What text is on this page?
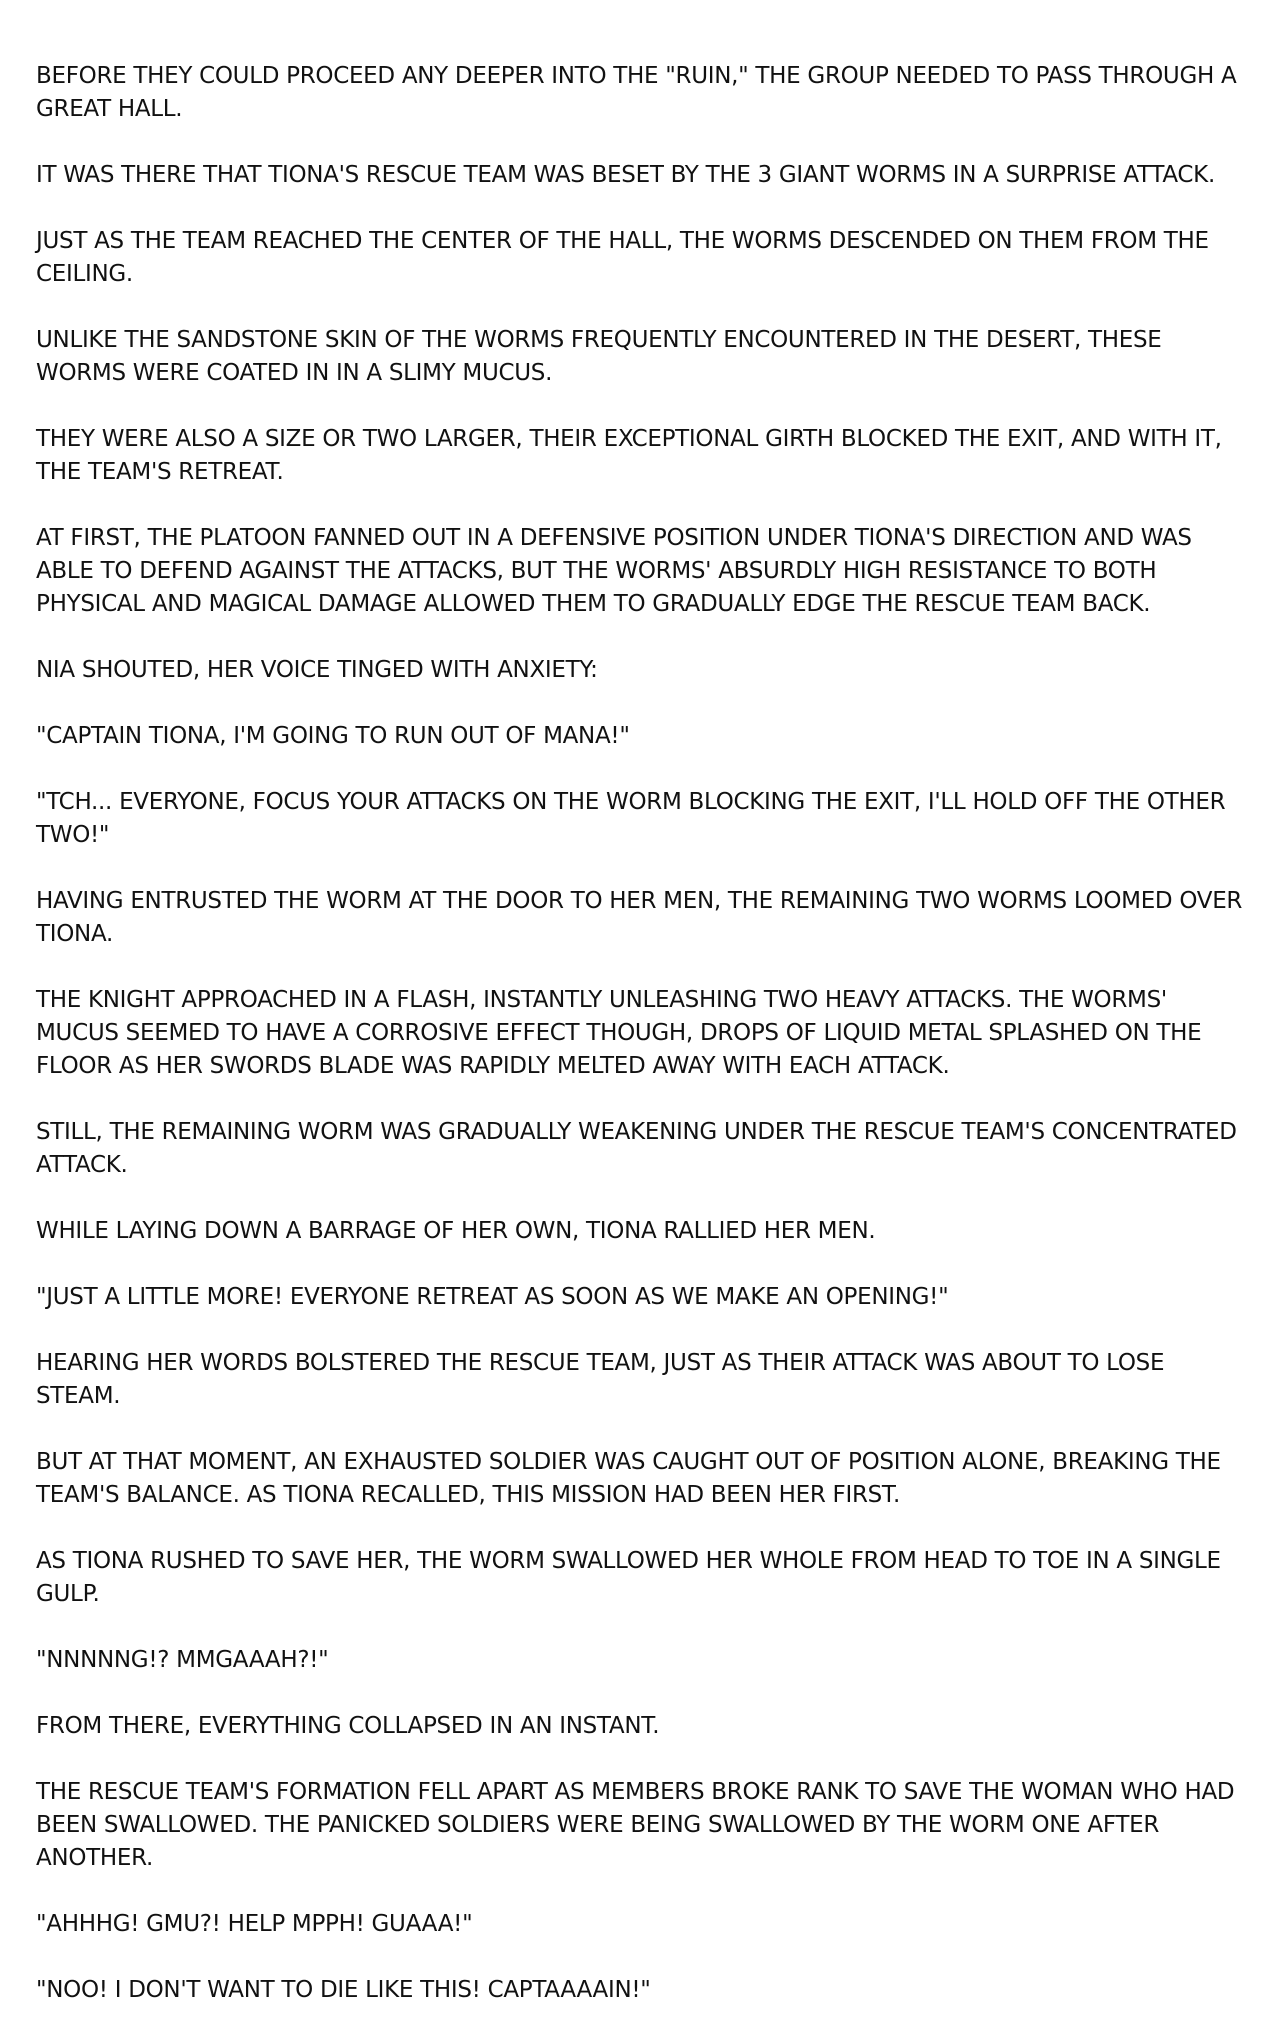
BEFORE THEY COULD PROCEED ANY DEEPER INTO THE "RUIN," THE GROUP NEEDED TO PASS THROUGH A GREAT HALL.

IT WAS THERE THAT TIONA'S RESCUE TEAM WAS BESET BY THE 3 GIANT WORMS IN A SURPRISE ATTACK.

JUST AS THE TEAM REACHED THE CENTER OF THE HALL, THE WORMS DESCENDED ON THEM FROM THE CEILING.

UNLIKE THE SANDSTONE SKIN OF THE WORMS FREQUENTLY ENCOUNTERED IN THE DESERT, THESE WORMS WERE COATED IN IN A SLIMY MUCUS.

THEY WERE ALSO A SIZE OR TWO LARGER, THEIR EXCEPTIONAL GIRTH BLOCKED THE EXIT, AND WITH IT, THE TEAM'S RETREAT.

AT FIRST, THE PLATOON FANNED OUT IN A DEFENSIVE POSITION UNDER TIONA'S DIRECTION AND WAS ABLE TO DEFEND AGAINST THE ATTACKS, BUT THE WORMS' ABSURDLY HIGH RESISTANCE TO BOTH PHYSICAL AND MAGICAL DAMAGE ALLOWED THEM TO GRADUALLY EDGE THE RESCUE TEAM BACK.

NIA SHOUTED, HER VOICE TINGED WITH ANXIETY:

"CAPTAIN TIONA, I'M GOING TO RUN OUT OF MANA!"

"TCH... EVERYONE, FOCUS YOUR ATTACKS ON THE WORM BLOCKING THE EXIT, I'LL HOLD OFF THE OTHER TWO!"

HAVING ENTRUSTED THE WORM AT THE DOOR TO HER MEN, THE REMAINING TWO WORMS LOOMED OVER TIONA.

THE KNIGHT APPROACHED IN A FLASH, INSTANTLY UNLEASHING TWO HEAVY ATTACKS. THE WORMS' MUCUS SEEMED TO HAVE A CORROSIVE EFFECT THOUGH, DROPS OF LIQUID METAL SPLASHED ON THE FLOOR AS HER SWORDS BLADE WAS RAPIDLY MELTED AWAY WITH EACH ATTACK.

STILL, THE REMAINING WORM WAS GRADUALLY WEAKENING UNDER THE RESCUE TEAM'S CONCENTRATED ATTACK.

WHILE LAYING DOWN A BARRAGE OF HER OWN, TIONA RALLIED HER MEN.

"JUST A LITTLE MORE! EVERYONE RETREAT AS SOON AS WE MAKE AN OPENING!"

HEARING HER WORDS BOLSTERED THE RESCUE TEAM, JUST AS THEIR ATTACK WAS ABOUT TO LOSE STEAM.

BUT AT THAT MOMENT, AN EXHAUSTED SOLDIER WAS CAUGHT OUT OF POSITION ALONE, BREAKING THE TEAM'S BALANCE. AS TIONA RECALLED, THIS MISSION HAD BEEN HER FIRST.

AS TIONA RUSHED TO SAVE HER, THE WORM SWALLOWED HER WHOLE FROM HEAD TO TOE IN A SINGLE GULP.

"NNNNNG!? MMGAAAH?!"

FROM THERE, EVERYTHING COLLAPSED IN AN INSTANT.

THE RESCUE TEAM'S FORMATION FELL APART AS MEMBERS BROKE RANK TO SAVE THE WOMAN WHO HAD BEEN SWALLOWED. THE PANICKED SOLDIERS WERE BEING SWALLOWED BY THE WORM ONE AFTER ANOTHER.

"AHHHG! GMU?! HELP MPPH! GUAAA!"

"NOO! I DON'T WANT TO DIE LIKE THIS! CAPTAAAAIN!"
